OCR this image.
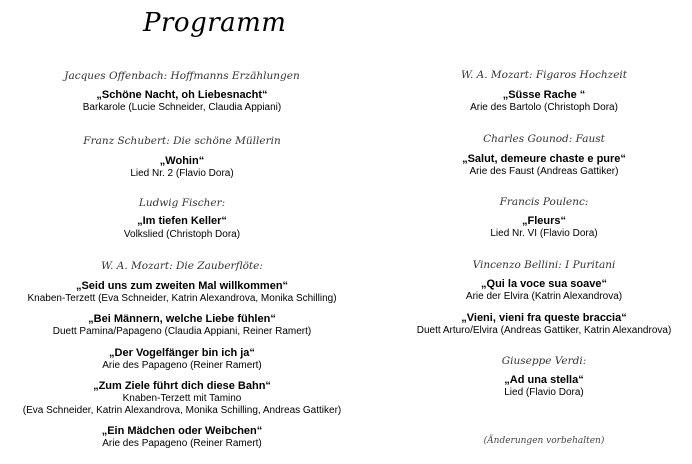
Programm
Jacques Offenbach: Hoffmanns Erzählungen
„Schöne Nacht, oh Liebesnacht“
Barkarole (Lucie Schneider, Claudia Appiani)
Franz Schubert: Die schöne Müllerin
„Wohin“
Lied Nr. 2 (Flavio Dora)
Ludwig Fischer:
„Im tiefen Keller“
Volkslied (Christoph Dora)
W. A. Mozart: Die Zauberflöte:
„Seid uns zum zweiten Mal willkommen“
Knaben-Terzett (Eva Schneider, Katrin Alexandrova, Monika Schilling)
„Bei Männern, welche Liebe fühlen“
Duett Pamina/Papageno (Claudia Appiani, Reiner Ramert)
„Der Vogelfänger bin ich ja“
Arie des Papageno (Reiner Ramert)
„Zum Ziele führt dich diese Bahn“
Knaben-Terzett mit Tamino
(Eva Schneider, Katrin Alexandrova, Monika Schilling, Andreas Gattiker)
„Ein Mädchen oder Weibchen“
Arie des Papageno (Reiner Ramert)
W. A. Mozart: Figaros Hochzeit
„Süsse Rache “
Arie des Bartolo (Christoph Dora)
Charles Gounod: Faust
„Salut, demeure chaste e pure“
Arie des Faust (Andreas Gattiker)
Francis Poulenc:
„Fleurs“
Lied Nr. VI (Flavio Dora)
Vincenzo Bellini: I Puritani
„Qui la voce sua soave“
Arie der Elvira (Katrin Alexandrova)
„Vieni, vieni fra queste braccia“
Duett Arturo/Elvira (Andreas Gattiker, Katrin Alexandrova)
Giuseppe Verdi:
„Ad una stella“
Lied (Flavio Dora)
(Änderungen vorbehalten)
